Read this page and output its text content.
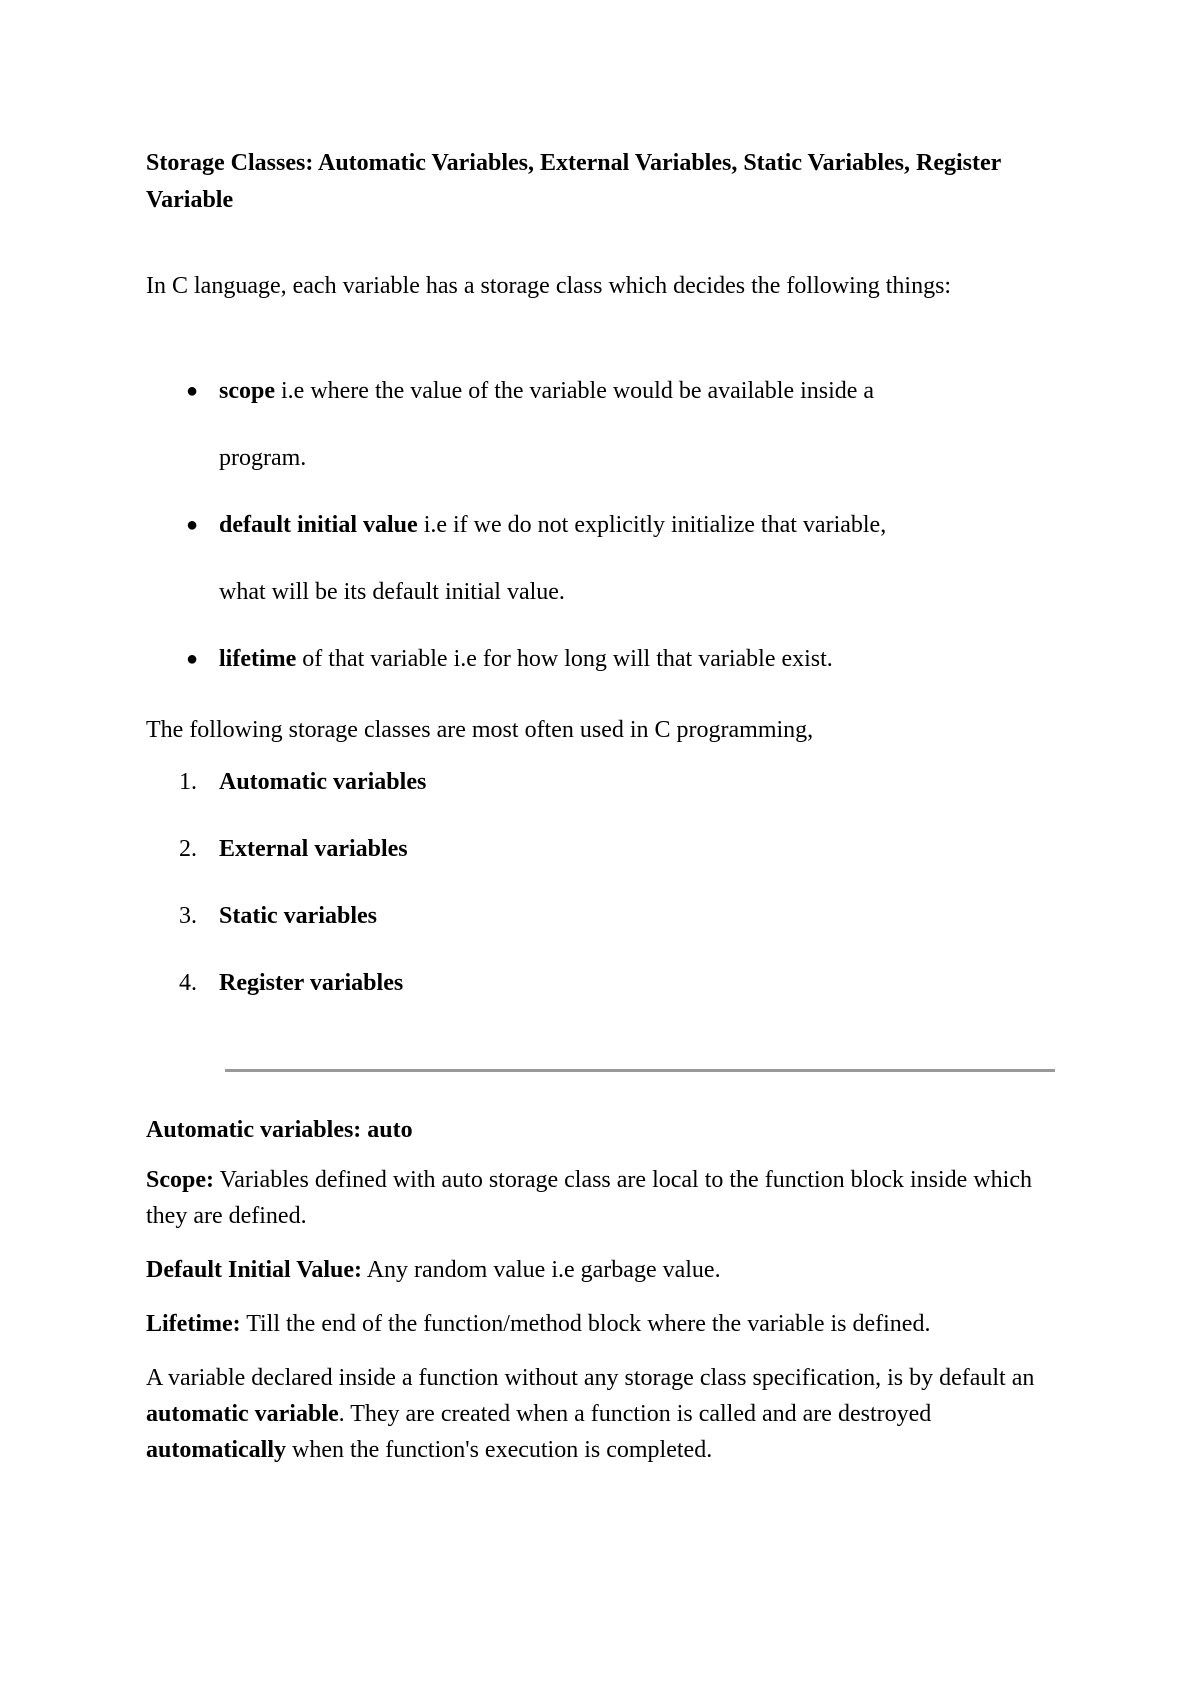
Storage Classes: Automatic Variables, External Variables, Static Variables, Register Variable

In C language, each variable has a storage class which decides the following things:

● scope i.e where the value of the variable would be available inside a
program.
● default initial value i.e if we do not explicitly initialize that variable,
what will be its default initial value.
● lifetime of that variable i.e for how long will that variable exist.

The following storage classes are most often used in C programming,

1. Automatic variables
2. External variables
3. Static variables
4. Register variables

Automatic variables: auto

Scope: Variables defined with auto storage class are local to the function block inside which they are defined.

Default Initial Value: Any random value i.e garbage value.

Lifetime: Till the end of the function/method block where the variable is defined.

A variable declared inside a function without any storage class specification, is by default an automatic variable. They are created when a function is called and are destroyed automatically when the function's execution is completed.
